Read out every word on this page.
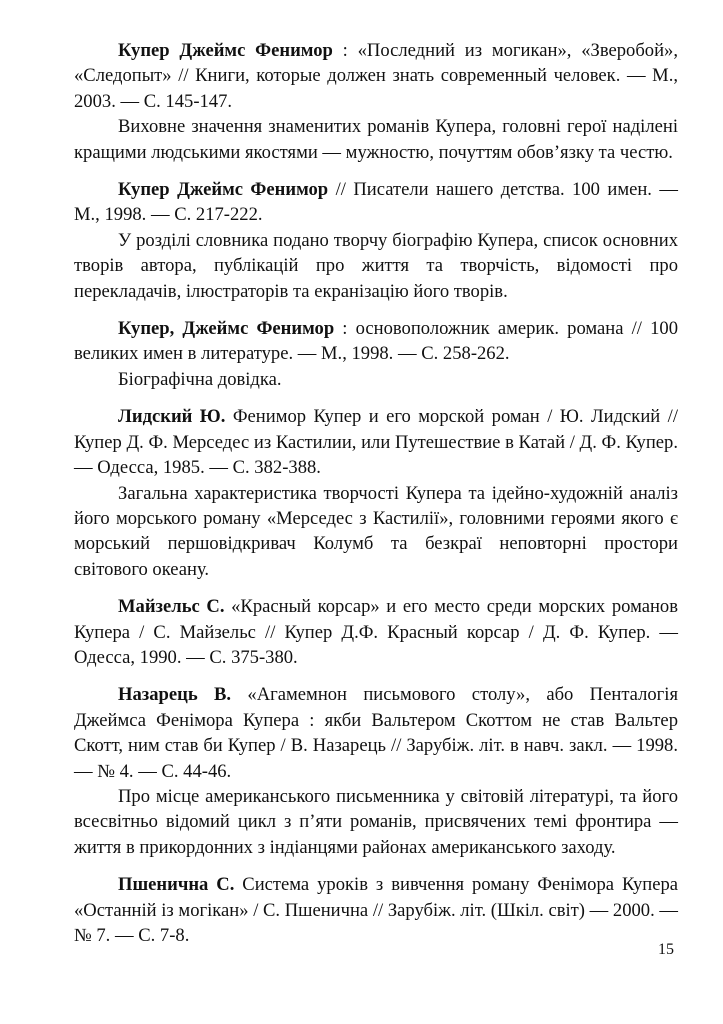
Купер Джеймс Фенимор : «Последний из могикан», «Зверобой», «Следопыт» // Книги, которые должен знать современный человек. — М., 2003. — С. 145-147.

Виховне значення знаменитих романів Купера, головні герої наділені кращими людськими якостями — мужностю, почуттям обов’язку та честю.

Купер Джеймс Фенимор // Писатели нашего детства. 100 имен. — М., 1998. — С. 217-222.

У розділі словника подано творчу біографію Купера, список основних творів автора, публікацій про життя та творчість, відомості про перекладачів, ілюстраторів та екранізацію його творів.

Купер, Джеймс Фенимор : основоположник америк. романа // 100 великих имен в литературе. — М., 1998. — С. 258-262.

Біографічна довідка.

Лидский Ю. Фенимор Купер и его морской роман / Ю. Лидский // Купер Д. Ф. Мерседес из Кастилии, или Путешествие в Катай / Д. Ф. Купер. — Одесса, 1985. — С. 382-388.

Загальна характеристика творчості Купера та ідейно-художній аналіз його морського роману «Мерседес з Кастилії», головними героями якого є морський першовідкривач Колумб та безкраї неповторні простори світового океану.

Майзельс С. «Красный корсар» и его место среди морских романов Купера / С. Майзельс // Купер Д.Ф. Красный корсар / Д. Ф. Купер. — Одесса, 1990. — С. 375-380.

Назарець В. «Агамемнон письмового столу», або Пенталогія Джеймса Фенімора Купера : якби Вальтером Скоттом не став Вальтер Скотт, ним став би Купер / В. Назарець // Зарубіж. літ. в навч. закл. — 1998. — № 4. — С. 44-46.

Про місце американського письменника у світовій літературі, та його всесвітньо відомий цикл з п’яти романів, присвячених темі фронтира — життя в прикордонних з індіанцями районах американського заходу.

Пшенична С. Система уроків з вивчення роману Фенімора Купера «Останній із могікан» / С. Пшенична // Зарубіж. літ. (Шкіл. світ) — 2000. — № 7. — С. 7-8.

15
